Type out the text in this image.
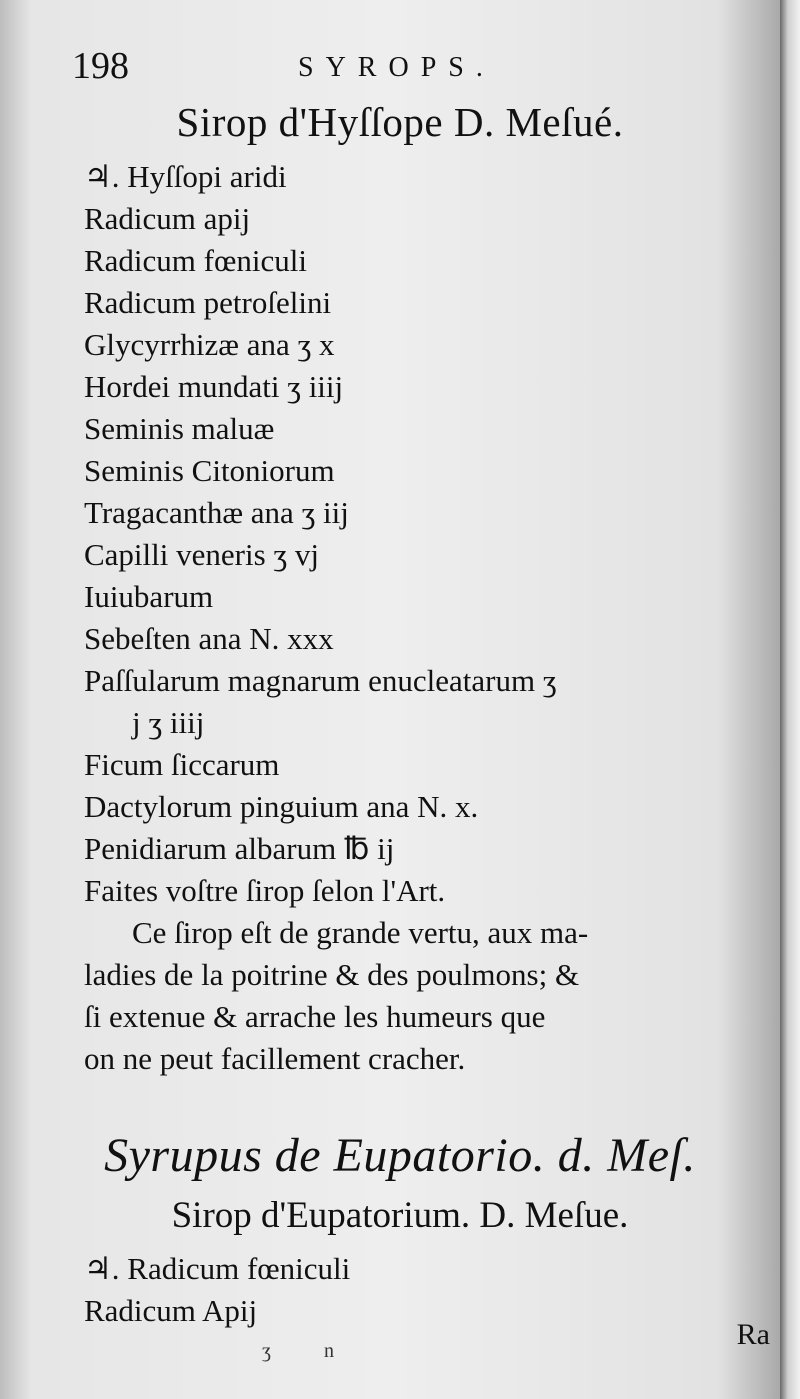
198	SYROPS.
Sirop d'Hyſſope D. Meſué.
♃. Hyſſopi aridi
Radicum apij
Radicum fœniculi
Radicum petroſelini
Glycyrrhizæ ana ʒ x
Hordei mundati ʒ iiij
Seminis maluæ
Seminis Citoniorum
Tragacanthæ ana ʒ iij
Capilli veneris ʒ vj
Iuiubarum
Sebeſten ana N. xxx
Paſſularum magnarum enucleatarum ʒ
j ʒ iiij
Ficum ſiccarum
Dactylorum pinguium ana N. x.
Penidiarum albarum ℔ ij
Faites voſtre ſirop ſelon l'Art.
Ce ſirop eſt de grande vertu, aux ma-
ladies de la poitrine & des poulmons; &
ſi extenue & arrache les humeurs que
on ne peut facillement cracher.
Syrupus de Eupatorio. d. Meſ.
Sirop d'Eupatorium. D. Meſue.
♃. Radicum fœniculi
Radicum Apij
Ra
ʒ	n
